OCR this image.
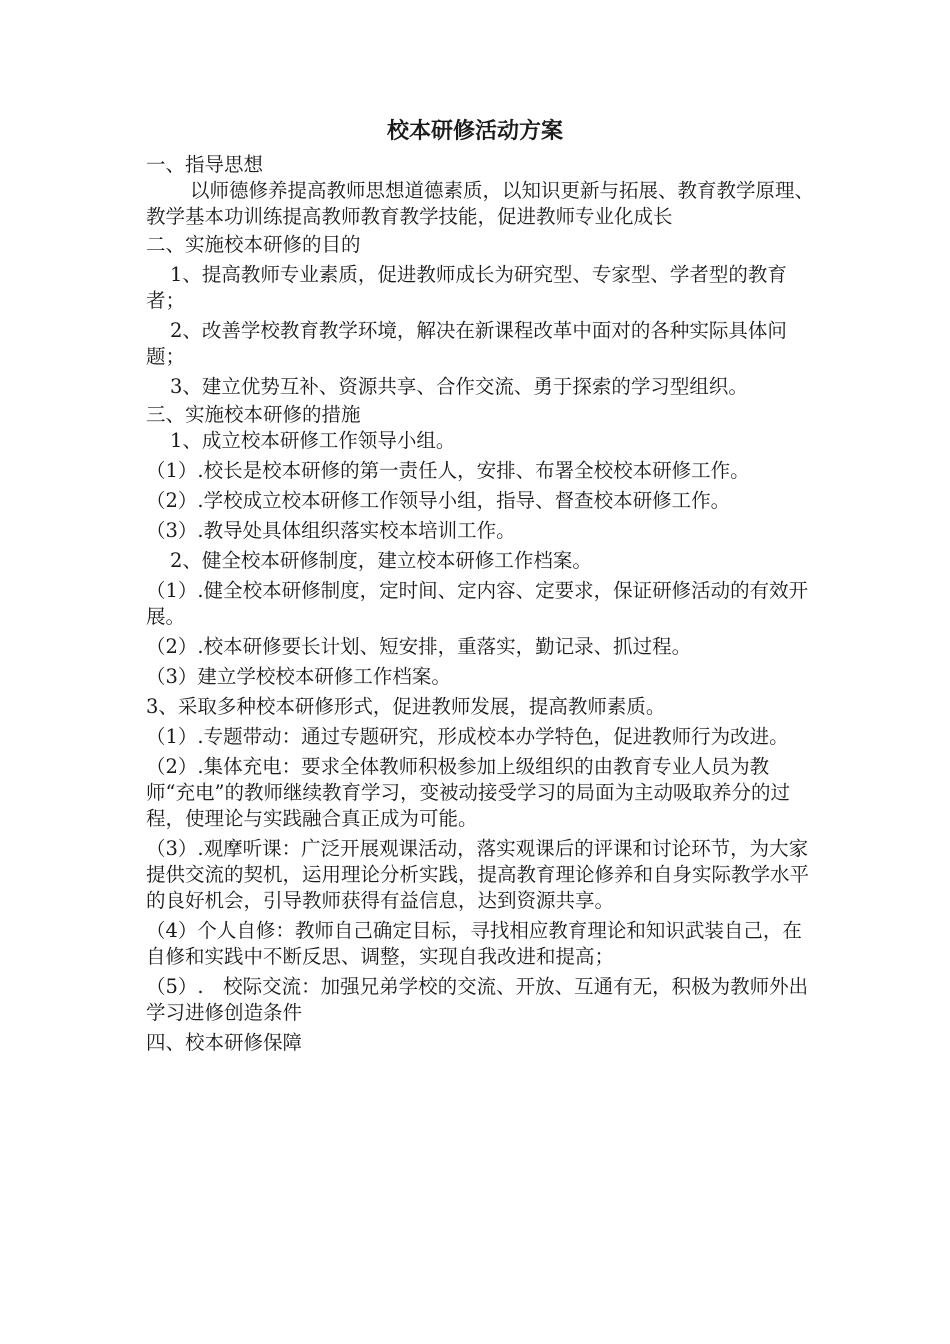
校本研修活动方案

一、指导思想

以师德修养提高教师思想道德素质，以知识更新与拓展、教育教学原理、教学基本功训练提高教师教育教学技能，促进教师专业化成长

二、实施校本研修的目的

1、提高教师专业素质，促进教师成长为研究型、专家型、学者型的教育者；

2、改善学校教育教学环境，解决在新课程改革中面对的各种实际具体问题；

3、建立优势互补、资源共享、合作交流、勇于探索的学习型组织。

三、实施校本研修的措施

1、成立校本研修工作领导小组。

（1）.校长是校本研修的第一责任人，安排、布署全校校本研修工作。

（2）.学校成立校本研修工作领导小组，指导、督查校本研修工作。

（3）.教导处具体组织落实校本培训工作。

2、健全校本研修制度，建立校本研修工作档案。

（1）.健全校本研修制度，定时间、定内容、定要求，保证研修活动的有效开展。

（2）.校本研修要长计划、短安排，重落实，勤记录、抓过程。

（3）建立学校校本研修工作档案。

3、采取多种校本研修形式，促进教师发展，提高教师素质。

（1）.专题带动：通过专题研究，形成校本办学特色，促进教师行为改进。

（2）.集体充电：要求全体教师积极参加上级组织的由教育专业人员为教师“充电”的教师继续教育学习，变被动接受学习的局面为主动吸取养分的过程，使理论与实践融合真正成为可能。

（3）.观摩听课：广泛开展观课活动，落实观课后的评课和讨论环节，为大家提供交流的契机，运用理论分析实践，提高教育理论修养和自身实际教学水平的良好机会，引导教师获得有益信息，达到资源共享。

（4）个人自修：教师自己确定目标，寻找相应教育理论和知识武装自己，在自修和实践中不断反思、调整，实现自我改进和提高；

（5）.　校际交流：加强兄弟学校的交流、开放、互通有无，积极为教师外出学习进修创造条件

四、校本研修保障
